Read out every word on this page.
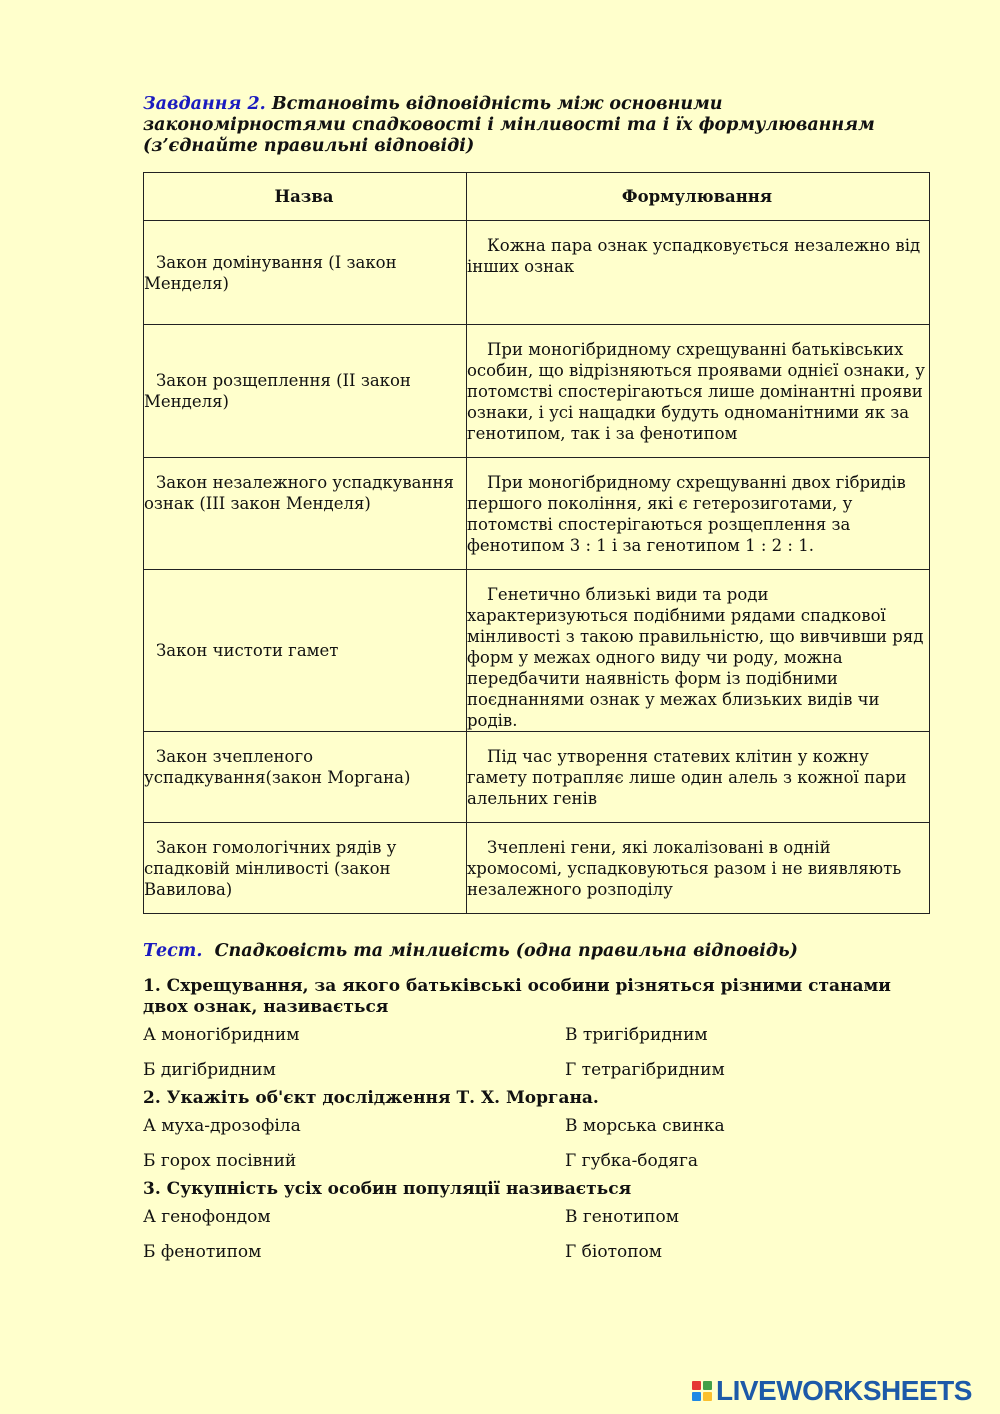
Завдання 2. Встановіть відповідність між основними закономірностями спадковості і мінливості та і їх формулюванням (з’єднайте правильні відповіді)

Назва	Формулювання

Закон домінування (І закон Менделя)	Кожна пара ознак успадковується незалежно від інших ознак

Закон розщеплення (ІІ закон Менделя)	При моногібридному схрещуванні батьківських особин, що відрізняються проявами однієї ознаки, у потомстві спостерігаються лише домінантні прояви ознаки, і усі нащадки будуть одноманітними як за генотипом, так і за фенотипом

Закон незалежного успадкування ознак (ІІІ закон Менделя)	При моногібридному схрещуванні двох гібридів першого покоління, які є гетерозиготами, у потомстві спостерігаються розщеплення за фенотипом 3 : 1 і за генотипом 1 : 2 : 1.

Закон чистоти гамет	Генетично близькі види та роди характеризуються подібними рядами спадкової мінливості з такою правильністю, що вивчивши ряд форм у межах одного виду чи роду, можна передбачити наявність форм із подібними поєднаннями ознак у межах близьких видів чи родів.

Закон зчепленого успадкування(закон Моргана)	Під час утворення статевих клітин у кожну гамету потрапляє лише один алель з кожної пари алельних генів

Закон гомологічних рядів у спадковій мінливості (закон Вавилова)	Зчеплені гени, які локалізовані в одній хромосомі, успадковуються разом і не виявляють незалежного розподілу

Тест. Спадковість та мінливість (одна правильна відповідь)

1. Схрещування, за якого батьківські особини різняться різними станами двох ознак, називається

А моногібридним	В тригібридним
Б дигібридним	Г тетрагібридним

2. Укажіть об'єкт дослідження Т. Х. Моргана.

А муха-дрозофіла	В морська свинка
Б горох посівний	Г губка-бодяга

3. Сукупність усіх особин популяції називається

А генофондом	В генотипом
Б фенотипом	Г біотопом
LIVEWORKSHEETS
